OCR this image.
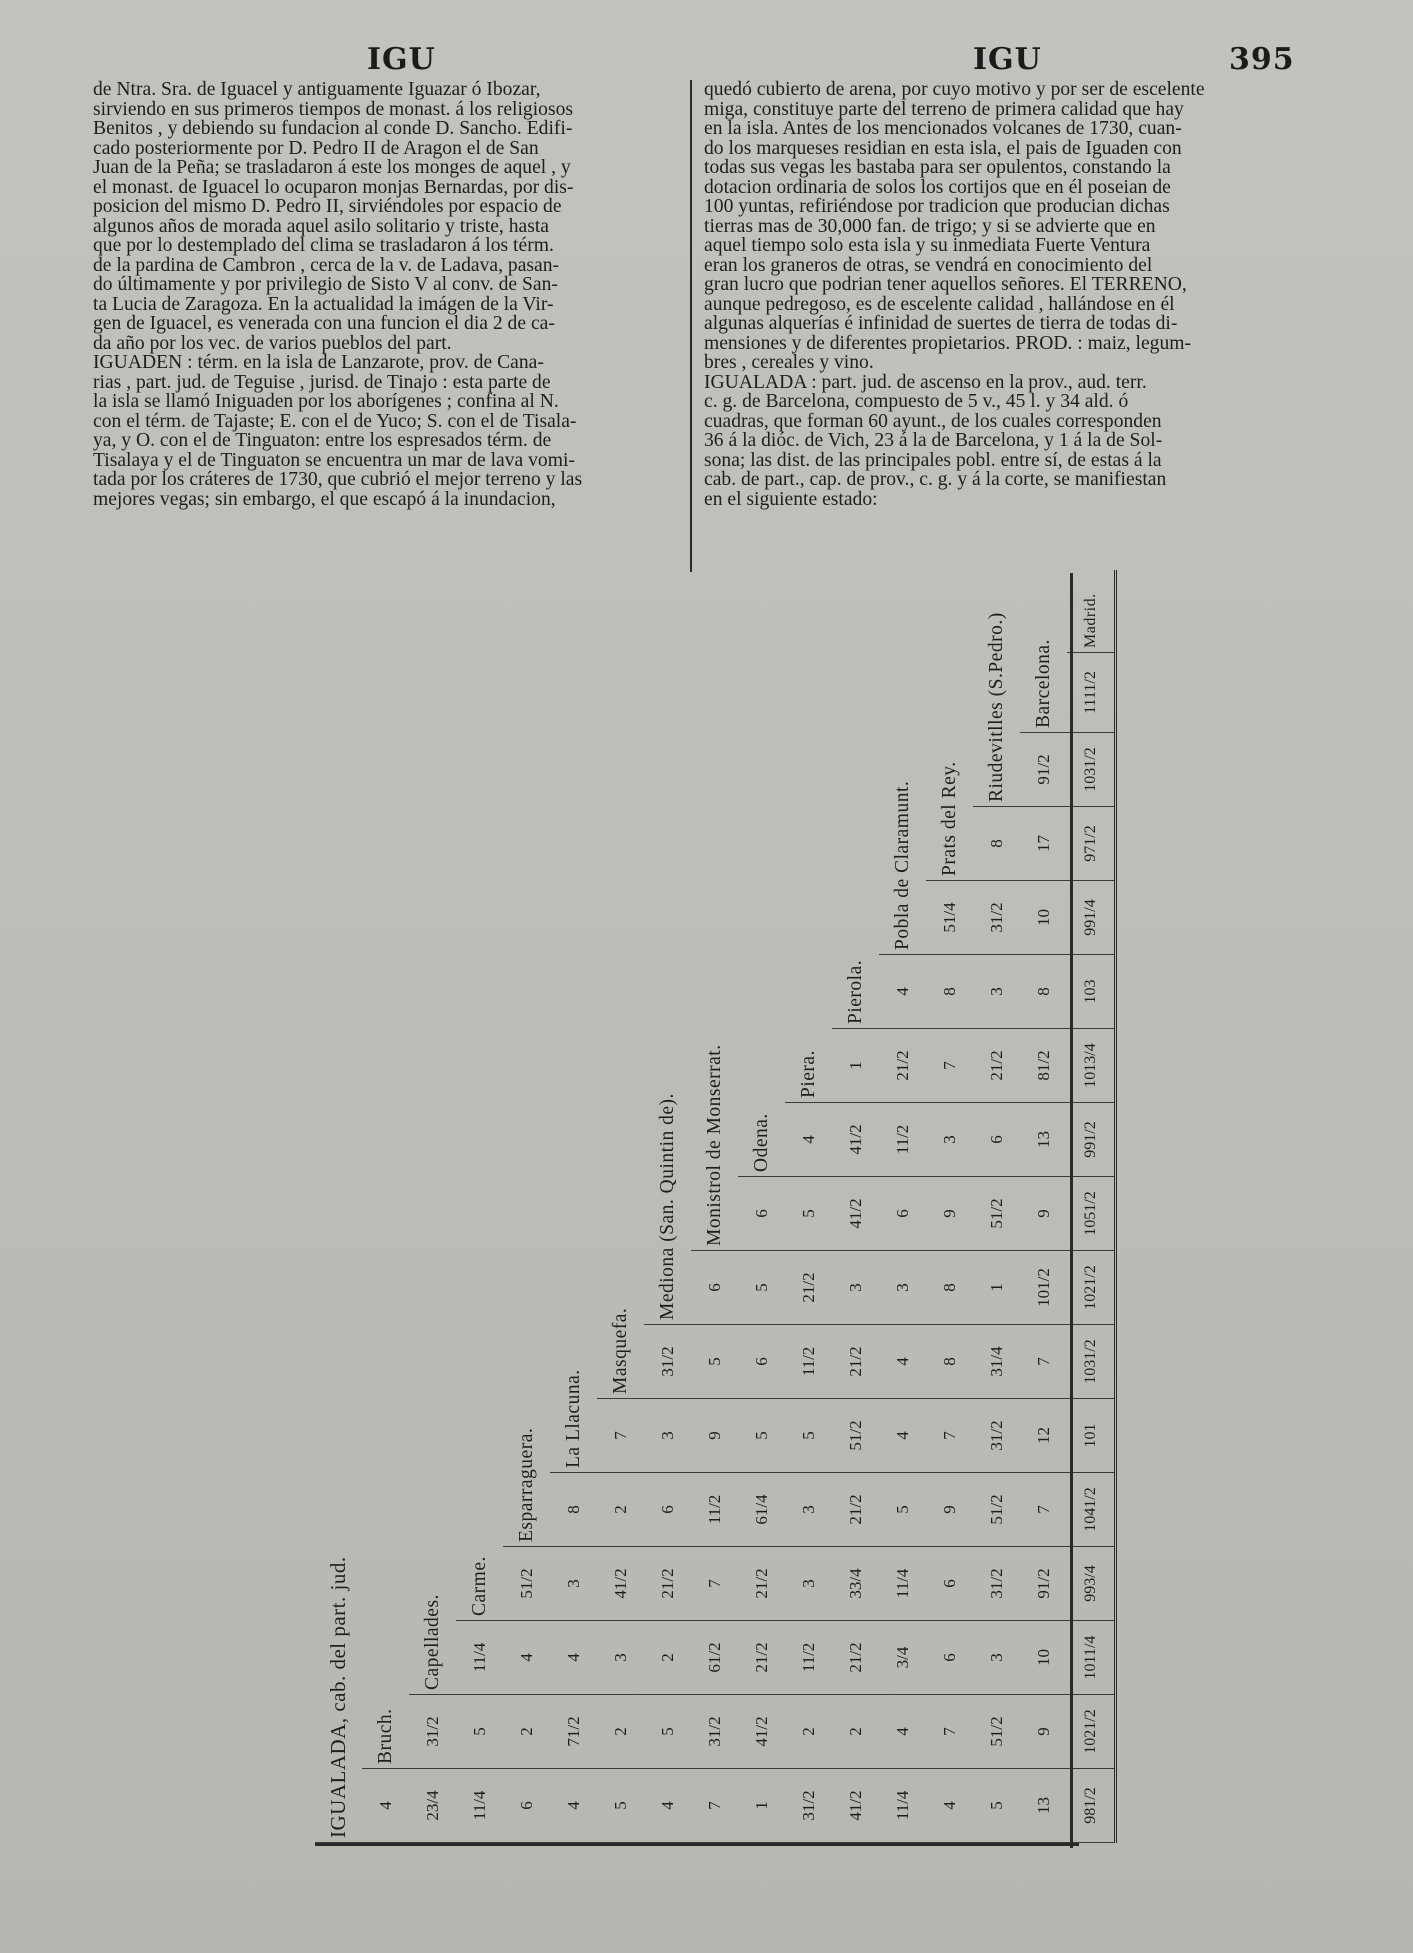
IGU	IGU	395

de Ntra. Sra. de Iguacel y antiguamente Iguazar ó Ibozar,
sirviendo en sus primeros tiempos de monast. á los religiosos
Benitos , y debiendo su fundacion al conde D. Sancho. Edifi-
cado posteriormente por D. Pedro II de Aragon el de San
Juan de la Peña; se trasladaron á este los monges de aquel , y
el monast. de Iguacel lo ocuparon monjas Bernardas, por dis-
posicion del mismo D. Pedro II, sirviéndoles por espacio de
algunos años de morada aquel asilo solitario y triste, hasta
que por lo destemplado del clima se trasladaron á los térm.
de la pardina de Cambron , cerca de la v. de Ladava, pasan-
do últimamente y por privilegio de Sisto V al conv. de San-
ta Lucia de Zaragoza. En la actualidad la imágen de la Vir-
gen de Iguacel, es venerada con una funcion el dia 2 de ca-
da año por los vec. de varios pueblos del part.

IGUADEN : térm. en la isla de Lanzarote, prov. de Cana-
rias , part. jud. de Teguise , jurisd. de Tinajo : esta parte de
la isla se llamó Iniguaden por los aborígenes ; confina al N.
con el térm. de Tajaste; E. con el de Yuco; S. con el de Tisala-
ya, y O. con el de Tinguaton: entre los espresados térm. de
Tisalaya y el de Tinguaton se encuentra un mar de lava vomi-
tada por los cráteres de 1730, que cubrió el mejor terreno y las
mejores vegas; sin embargo, el que escapó á la inundacion,

quedó cubierto de arena, por cuyo motivo y por ser de escelente
miga, constituye parte del terreno de primera calidad que hay
en la isla. Antes de los mencionados volcanes de 1730, cuan-
do los marqueses residian en esta isla, el pais de Iguaden con
todas sus vegas les bastaba para ser opulentos, constando la
dotacion ordinaria de solos los cortijos que en él poseian de
100 yuntas, refiriéndose por tradicion que producian dichas
tierras mas de 30,000 fan. de trigo; y si se advierte que en
aquel tiempo solo esta isla y su inmediata Fuerte Ventura
eran los graneros de otras, se vendrá en conocimiento del
gran lucro que podrian tener aquellos señores. El TERRENO,
aunque pedregoso, es de escelente calidad , hallándose en él
algunas alquerías é infinidad de suertes de tierra de todas di-
mensiones y de diferentes propietarios. PROD. : maiz, legum-
bres , cereales y vino.

IGUALADA : part. jud. de ascenso en la prov., aud. terr.
c. g. de Barcelona, compuesto de 5 v., 45 l. y 34 ald. ó
cuadras, que forman 60 ayunt., de los cuales corresponden
36 á la dióc. de Vich, 23 á la de Barcelona, y 1 á la de Sol-
sona; las dist. de las principales pobl. entre sí, de estas á la
cab. de part., cap. de prov., c. g. y á la corte, se manifiestan
en el siguiente estado:

IGUALADA, cab. del part. jud.																
4	Bruch.															
23/4	31/2	Capellades.														
11/4	5	11/4	Carme.													
6	2	4	51/2	Esparraguera.												
4	71/2	4	3	8	La Llacuna.											
5	2	3	41/2	2	7	Masquefa.										
4	5	2	21/2	6	3	31/2	Mediona (San. Quintin de).									
7	31/2	61/2	7	11/2	9	5	6	Monistrol de Monserrat.								
1	41/2	21/2	21/2	61/4	5	6	5	6	Odena.							
31/2	2	11/2	3	3	5	11/2	21/2	5	4	Piera.						
41/2	2	21/2	33/4	21/2	51/2	21/2	3	41/2	41/2	1	Pierola.					
11/4	4	3/4	11/4	5	4	4	3	6	11/2	21/2	4	Pobla de Claramunt.				
4	7	6	6	9	7	8	8	9	3	7	8	51/4	Prats del Rey.			
5	51/2	3	31/2	51/2	31/2	31/4	1	51/2	6	21/2	3	31/2	8	Riudevitlles (S.Pedro.)		
13	9	10	91/2	7	12	7	101/2	9	13	81/2	8	10	17	91/2	Barcelona.	
981/2	1021/2	1011/4	993/4	1041/2	101	1031/2	1021/2	1051/2	991/2	1013/4	103	991/4	971/2	1031/2	1111/2	Madrid.
